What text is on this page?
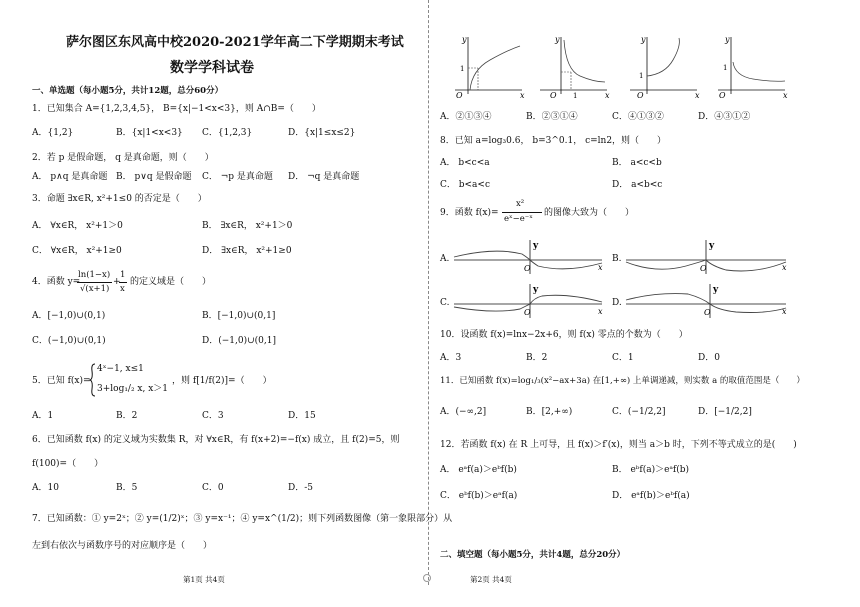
萨尔图区东风高中校2020-2021学年高二下学期期末考试
数学学科试卷
一、单选题（每小题5分，共计12题，总分60分）
1．已知集合 A={1,2,3,4,5}， B={x|−1<x<3}，则 A∩B=（　　）
A．{1,2}	B．{x|1<x<3} C．{1,2,3}	D．{x|1≤x≤2}
2．若 p 是假命题， q 是真命题，则（　　）
A． p∧q 是真命题 B． p∨q 是假命题 C． ¬p 是真命题 D． ¬q 是真命题
3．命题 ∃x∈R, x²+1≤0 的否定是（　　）
A． ∀x∈R， x²+1＞0	B． ∃x∈R， x²+1＞0
C． ∀x∈R， x²+1≥0	D． ∃x∈R， x²+1≥0
4．函数 y=
ln(1−x)
√(x+1)
+
1
x
的定义域是（　　）
A．[−1,0)∪(0,1)	B．[−1,0)∪(0,1]
C．(−1,0)∪(0,1)	D．(−1,0)∪(0,1]
5．已知 f(x)=
4ˣ−1, x≤1
3+log₁/₂ x, x＞1
，则 f[1/f(2)]=（　　）
A．1	B．2	C．3	D．15
6．已知函数 f(x) 的定义域为实数集 R，对 ∀x∈R，有 f(x+2)=−f(x) 成立，且 f(2)=5，则
f(100)=（　　）
A．10	B．5	C．0	D．-5
7．已知函数：① y=2ˣ；② y=(1/2)ˣ；③ y=x⁻¹；④ y=x^(1/2)；则下列函数图像（第一象限部分）从
左到右依次与函数序号的对应顺序是（　　）
第1页 共4页
y
x
O
1
y
x
O 1
y
x
O
1
y
x
O
1
A．②①③④	B．②③①④	C．④①③②	D．④③①②
8．已知 a=log₃0.6， b=3^0.1， c=ln2，则（　　）
A． b<c<a	B． a<c<b
C． b<a<c	D． a<b<c
9．函数 f(x)=
x²
eˣ−e⁻ˣ
的图像大致为（　　）
A.
y
x
O
B.
y
x
O
C.
y
x
O
D.
y
x
O
10．设函数 f(x)=lnx−2x+6，则 f(x) 零点的个数为（　　）
A．3	B．2	C．1	D．0
11．已知函数 f(x)=log₁/₃(x²−ax+3a) 在[1,+∞) 上单调递减，则实数 a 的取值范围是（　　）
A．(−∞,2]	B．[2,+∞)	C．(−1/2,2]	D．[−1/2,2]
12．若函数 f(x) 在 R 上可导，且 f(x)＞f′(x)，则当 a＞b 时，下列不等式成立的是(　　)
A． eᵃf(a)＞eᵇf(b)	B． eᵇf(a)＞eᵃf(b)
C． eᵇf(b)＞eᵃf(a)	D． eᵃf(b)＞eᵇf(a)
二、填空题（每小题5分，共计4题，总分20分）
第2页 共4页
